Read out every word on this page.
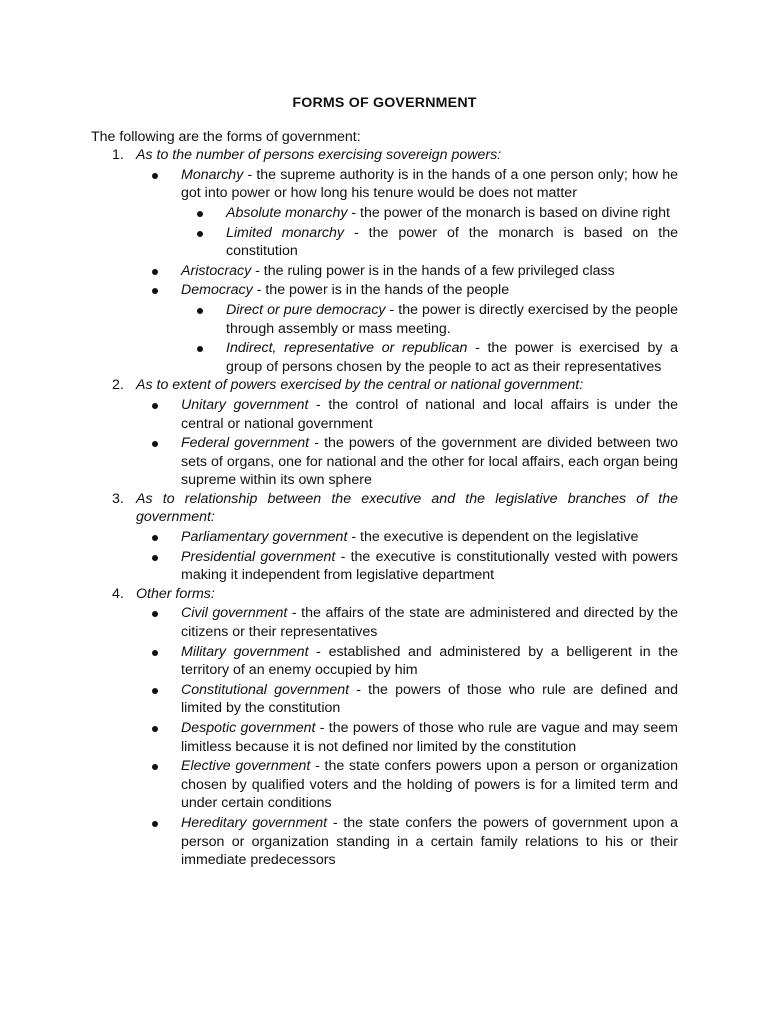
FORMS OF GOVERNMENT
The following are the forms of government:
1. As to the number of persons exercising sovereign powers:
Monarchy - the supreme authority is in the hands of a one person only; how he got into power or how long his tenure would be does not matter
Absolute monarchy - the power of the monarch is based on divine right
Limited monarchy - the power of the monarch is based on the constitution
Aristocracy - the ruling power is in the hands of a few privileged class
Democracy - the power is in the hands of the people
Direct or pure democracy - the power is directly exercised by the people through assembly or mass meeting.
Indirect, representative or republican - the power is exercised by a group of persons chosen by the people to act as their representatives
2. As to extent of powers exercised by the central or national government:
Unitary government - the control of national and local affairs is under the central or national government
Federal government - the powers of the government are divided between two sets of organs, one for national and the other for local affairs, each organ being supreme within its own sphere
3. As to relationship between the executive and the legislative branches of the government:
Parliamentary government - the executive is dependent on the legislative
Presidential government - the executive is constitutionally vested with powers making it independent from legislative department
4. Other forms:
Civil government - the affairs of the state are administered and directed by the citizens or their representatives
Military government - established and administered by a belligerent in the territory of an enemy occupied by him
Constitutional government - the powers of those who rule are defined and limited by the constitution
Despotic government - the powers of those who rule are vague and may seem limitless because it is not defined nor limited by the constitution
Elective government - the state confers powers upon a person or organization chosen by qualified voters and the holding of powers is for a limited term and under certain conditions
Hereditary government - the state confers the powers of government upon a person or organization standing in a certain family relations to his or their immediate predecessors
